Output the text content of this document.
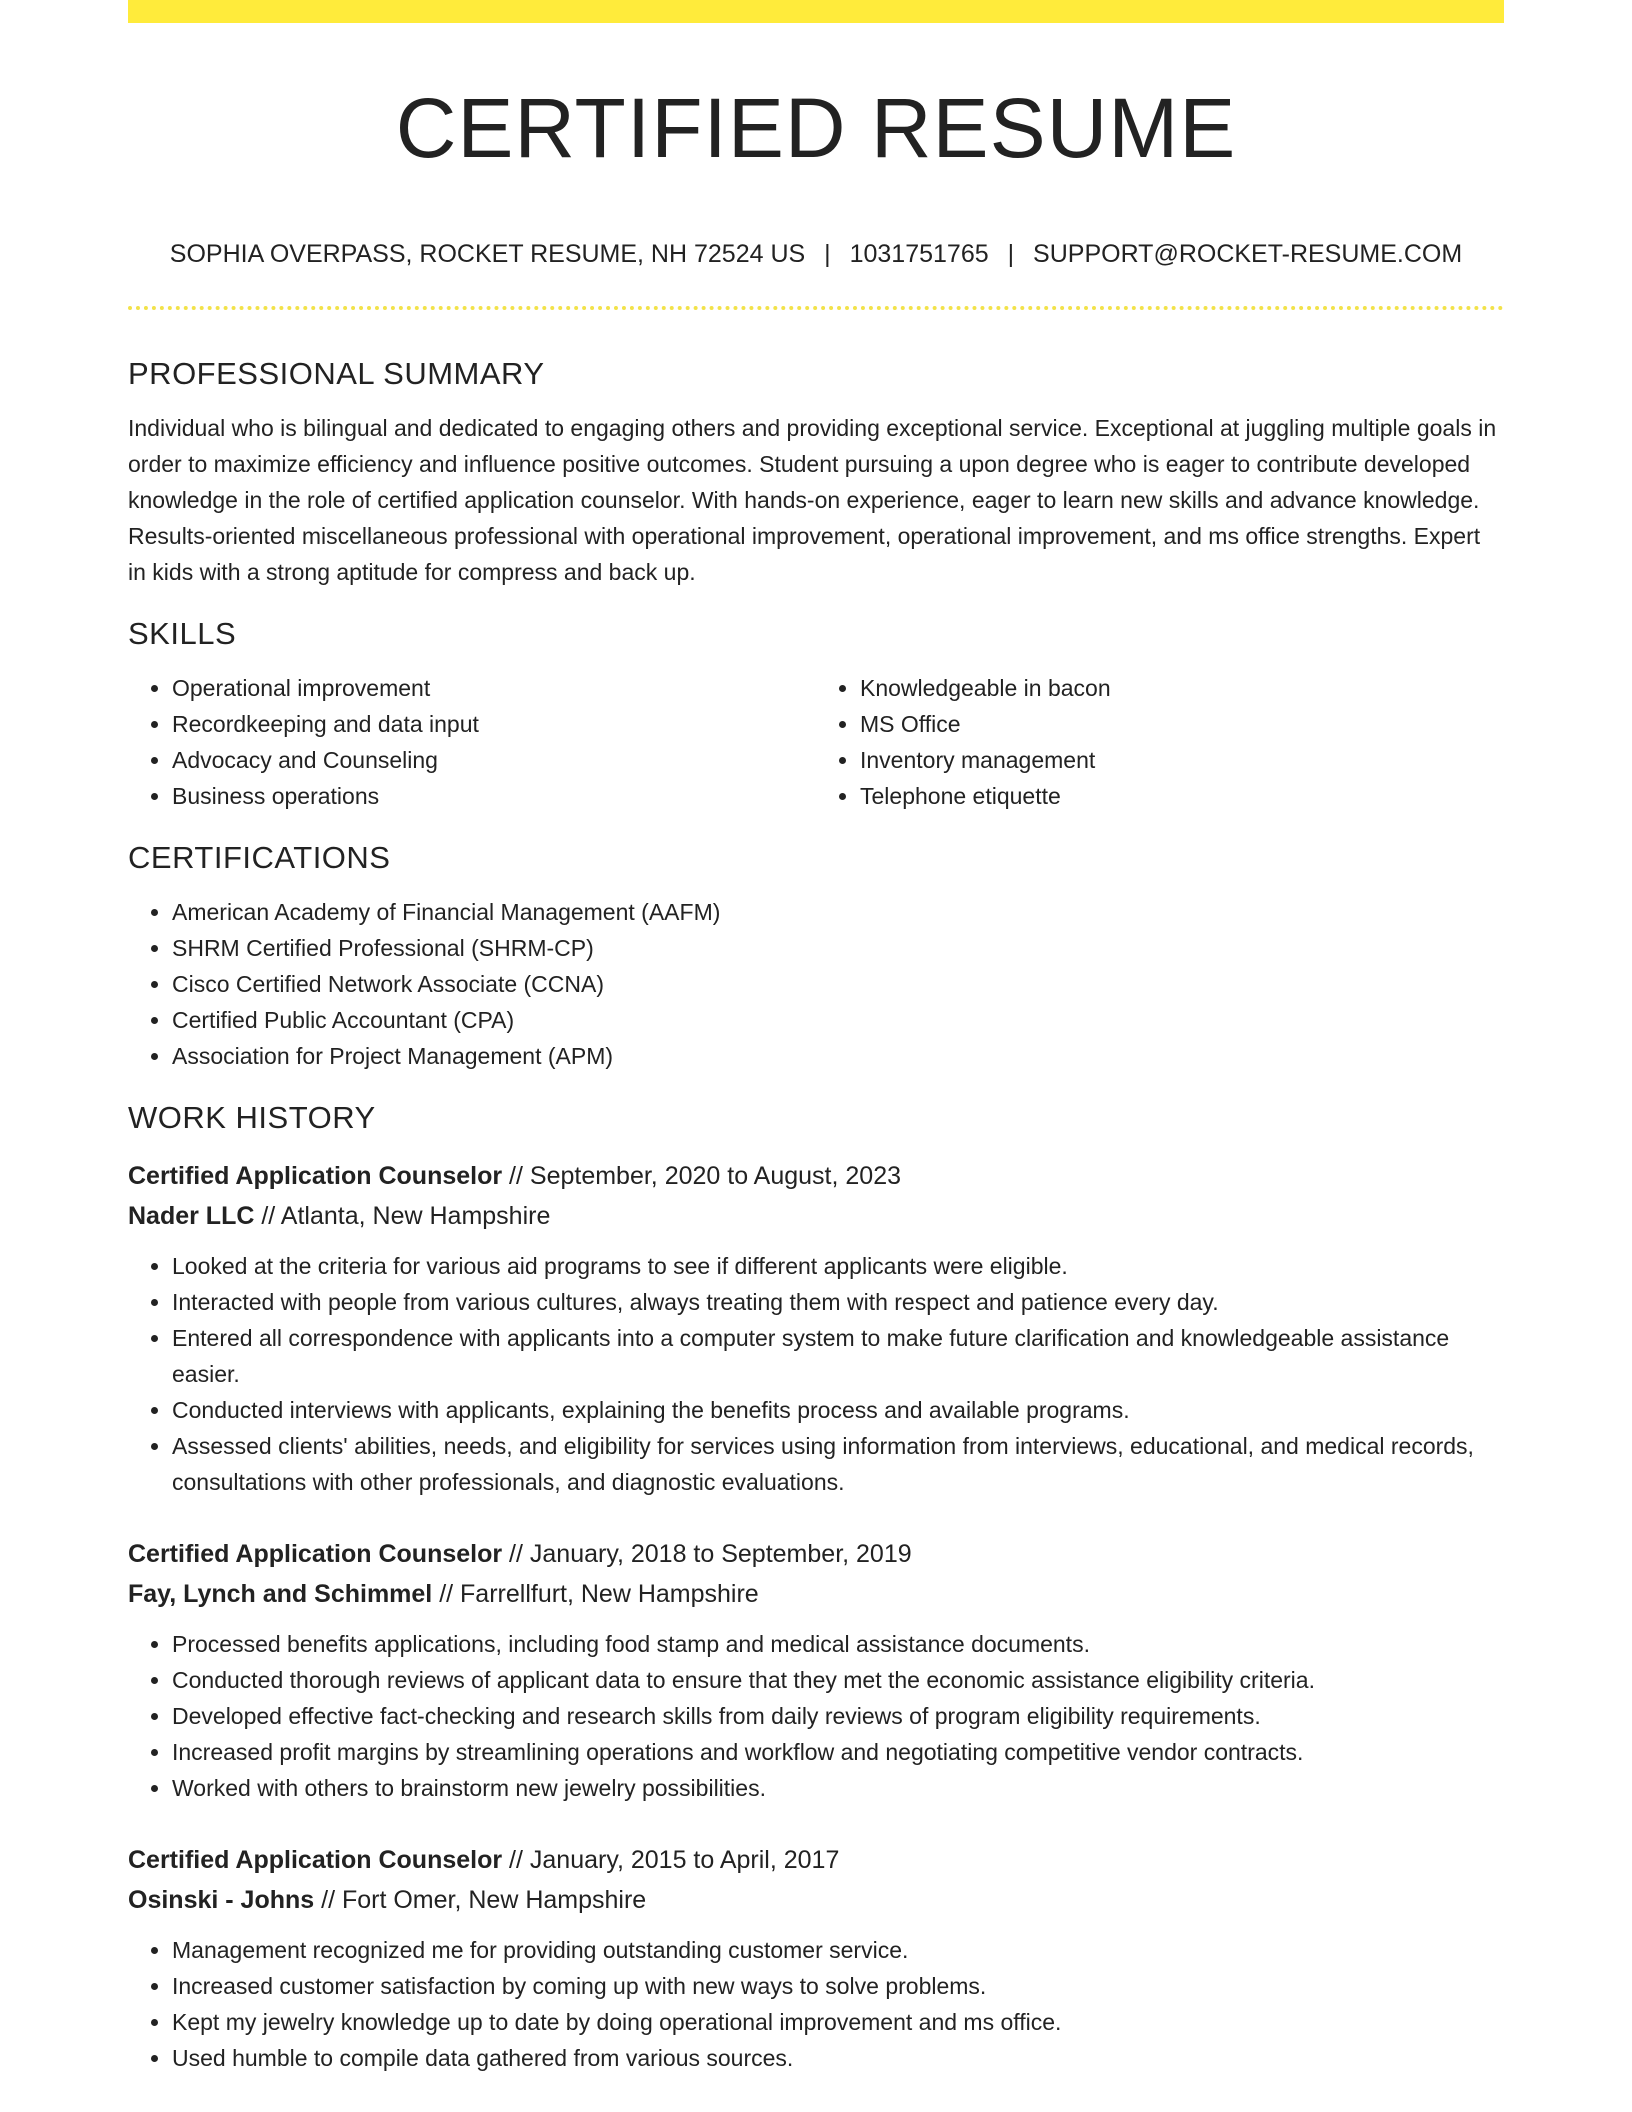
CERTIFIED RESUME
SOPHIA OVERPASS, ROCKET RESUME, NH 72524 US | 1031751765 | SUPPORT@ROCKET-RESUME.COM
PROFESSIONAL SUMMARY

Individual who is bilingual and dedicated to engaging others and providing exceptional service. Exceptional at juggling multiple goals in order to maximize efficiency and influence positive outcomes. Student pursuing a upon degree who is eager to contribute developed knowledge in the role of certified application counselor. With hands-on experience, eager to learn new skills and advance knowledge. Results-oriented miscellaneous professional with operational improvement, operational improvement, and ms office strengths. Expert in kids with a strong aptitude for compress and back up.

SKILLS
• Operational improvement
• Recordkeeping and data input
• Advocacy and Counseling
• Business operations
• Knowledgeable in bacon
• MS Office
• Inventory management
• Telephone etiquette
CERTIFICATIONS
• American Academy of Financial Management (AAFM)
• SHRM Certified Professional (SHRM-CP)
• Cisco Certified Network Associate (CCNA)
• Certified Public Accountant (CPA)
• Association for Project Management (APM)
WORK HISTORY
Certified Application Counselor // September, 2020 to August, 2023
Nader LLC // Atlanta, New Hampshire
• Looked at the criteria for various aid programs to see if different applicants were eligible.
• Interacted with people from various cultures, always treating them with respect and patience every day.
• Entered all correspondence with applicants into a computer system to make future clarification and knowledgeable assistance easier.
• Conducted interviews with applicants, explaining the benefits process and available programs.
• Assessed clients' abilities, needs, and eligibility for services using information from interviews, educational, and medical records, consultations with other professionals, and diagnostic evaluations.
Certified Application Counselor // January, 2018 to September, 2019
Fay, Lynch and Schimmel // Farrellfurt, New Hampshire
• Processed benefits applications, including food stamp and medical assistance documents.
• Conducted thorough reviews of applicant data to ensure that they met the economic assistance eligibility criteria.
• Developed effective fact-checking and research skills from daily reviews of program eligibility requirements.
• Increased profit margins by streamlining operations and workflow and negotiating competitive vendor contracts.
• Worked with others to brainstorm new jewelry possibilities.
Certified Application Counselor // January, 2015 to April, 2017
Osinski - Johns // Fort Omer, New Hampshire
• Management recognized me for providing outstanding customer service.
• Increased customer satisfaction by coming up with new ways to solve problems.
• Kept my jewelry knowledge up to date by doing operational improvement and ms office.
• Used humble to compile data gathered from various sources.
